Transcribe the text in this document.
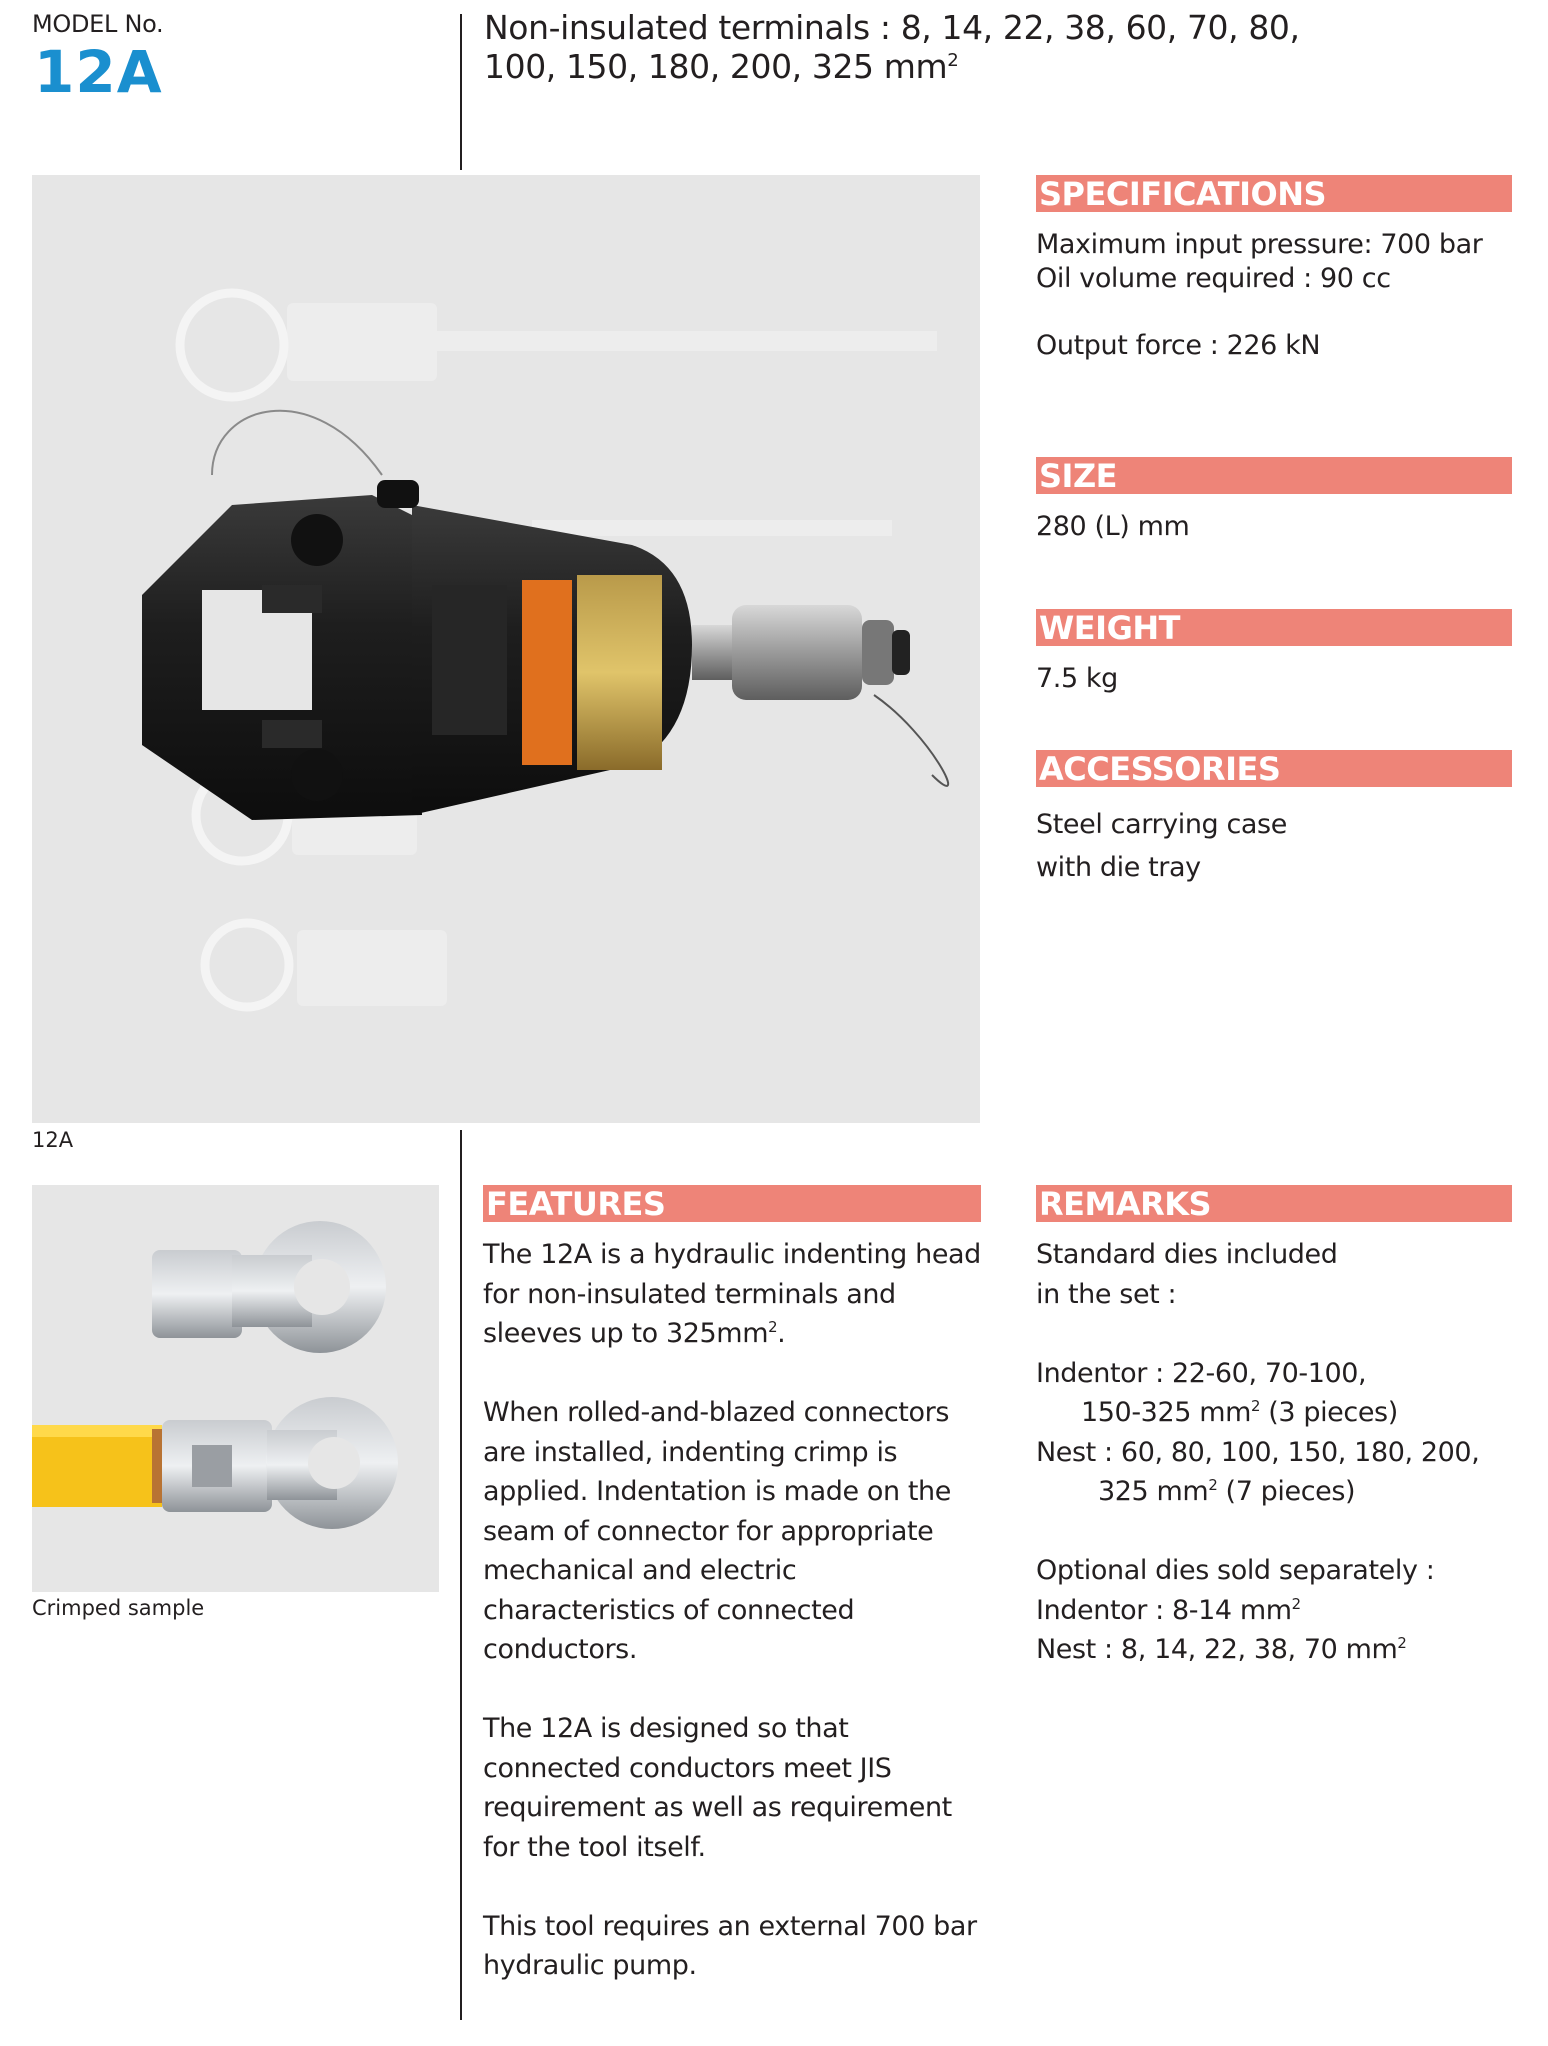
MODEL No.
12A
Non-insulated terminals : 8, 14, 22, 38, 60, 70, 80,
100, 150, 180, 200, 325 $mm^2$
12A
SPECIFICATIONS
Maximum input pressure: 700 bar
Oil volume required : 90 cc
Output force : 226 kN
SIZE
280 (L) mm
WEIGHT
7.5 kg
ACCESSORIES
Steel carrying case
with die tray
Crimped sample
FEATURES
The 12A is a hydraulic indenting head for non-insulated terminals and sleeves up to $325mm^2$.
When rolled-and-blazed connectors are installed, indenting crimp is applied. Indentation is made on the seam of connector for appropriate mechanical and electric characteristics of connected conductors.
The 12A is designed so that connected conductors meet JIS requirement as well as requirement for the tool itself.
This tool requires an external 700 bar hydraulic pump.
REMARKS
Standard dies included
in the set :
Indentor : 22-60, 70-100,
150-325 $mm^2$ (3 pieces)
Nest : 60, 80, 100, 150, 180, 200,
325 $mm^2$ (7 pieces)
Optional dies sold separately :
Indentor : 8-14 $mm^2$
Nest : 8, 14, 22, 38, 70 $mm^2$
